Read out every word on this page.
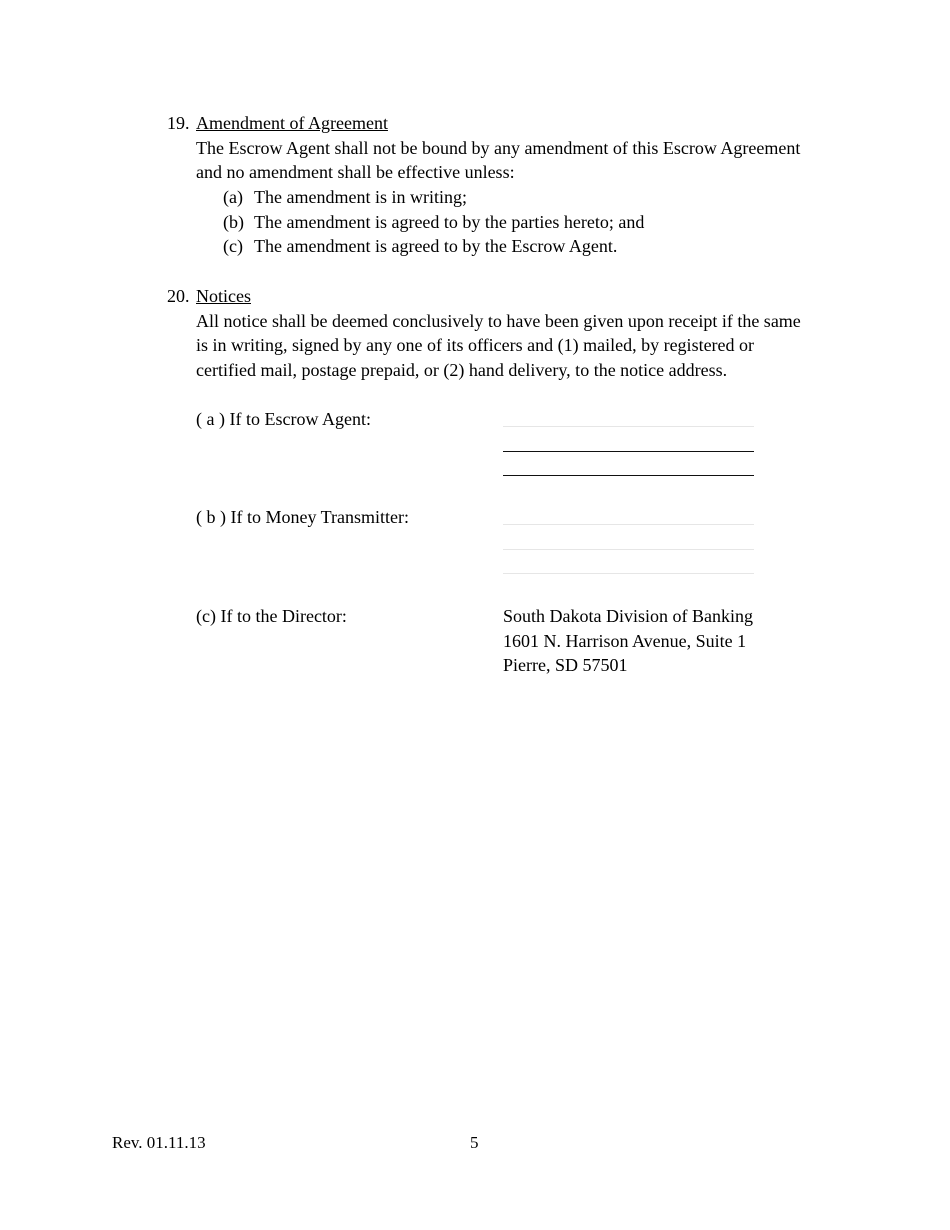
19. Amendment of Agreement
The Escrow Agent shall not be bound by any amendment of this Escrow Agreement
and no amendment shall be effective unless:
(a) The amendment is in writing;
(b) The amendment is agreed to by the parties hereto; and
(c) The amendment is agreed to by the Escrow Agent.
20. Notices
All notice shall be deemed conclusively to have been given upon receipt if the same
is in writing, signed by any one of its officers and (1) mailed, by registered or
certified mail, postage prepaid, or (2) hand delivery, to the notice address.
( a ) If to Escrow Agent:
( b ) If to Money Transmitter:
(c) If to the Director:	South Dakota Division of Banking
1601 N. Harrison Avenue, Suite 1
Pierre, SD 57501
Rev. 01.11.13	5
